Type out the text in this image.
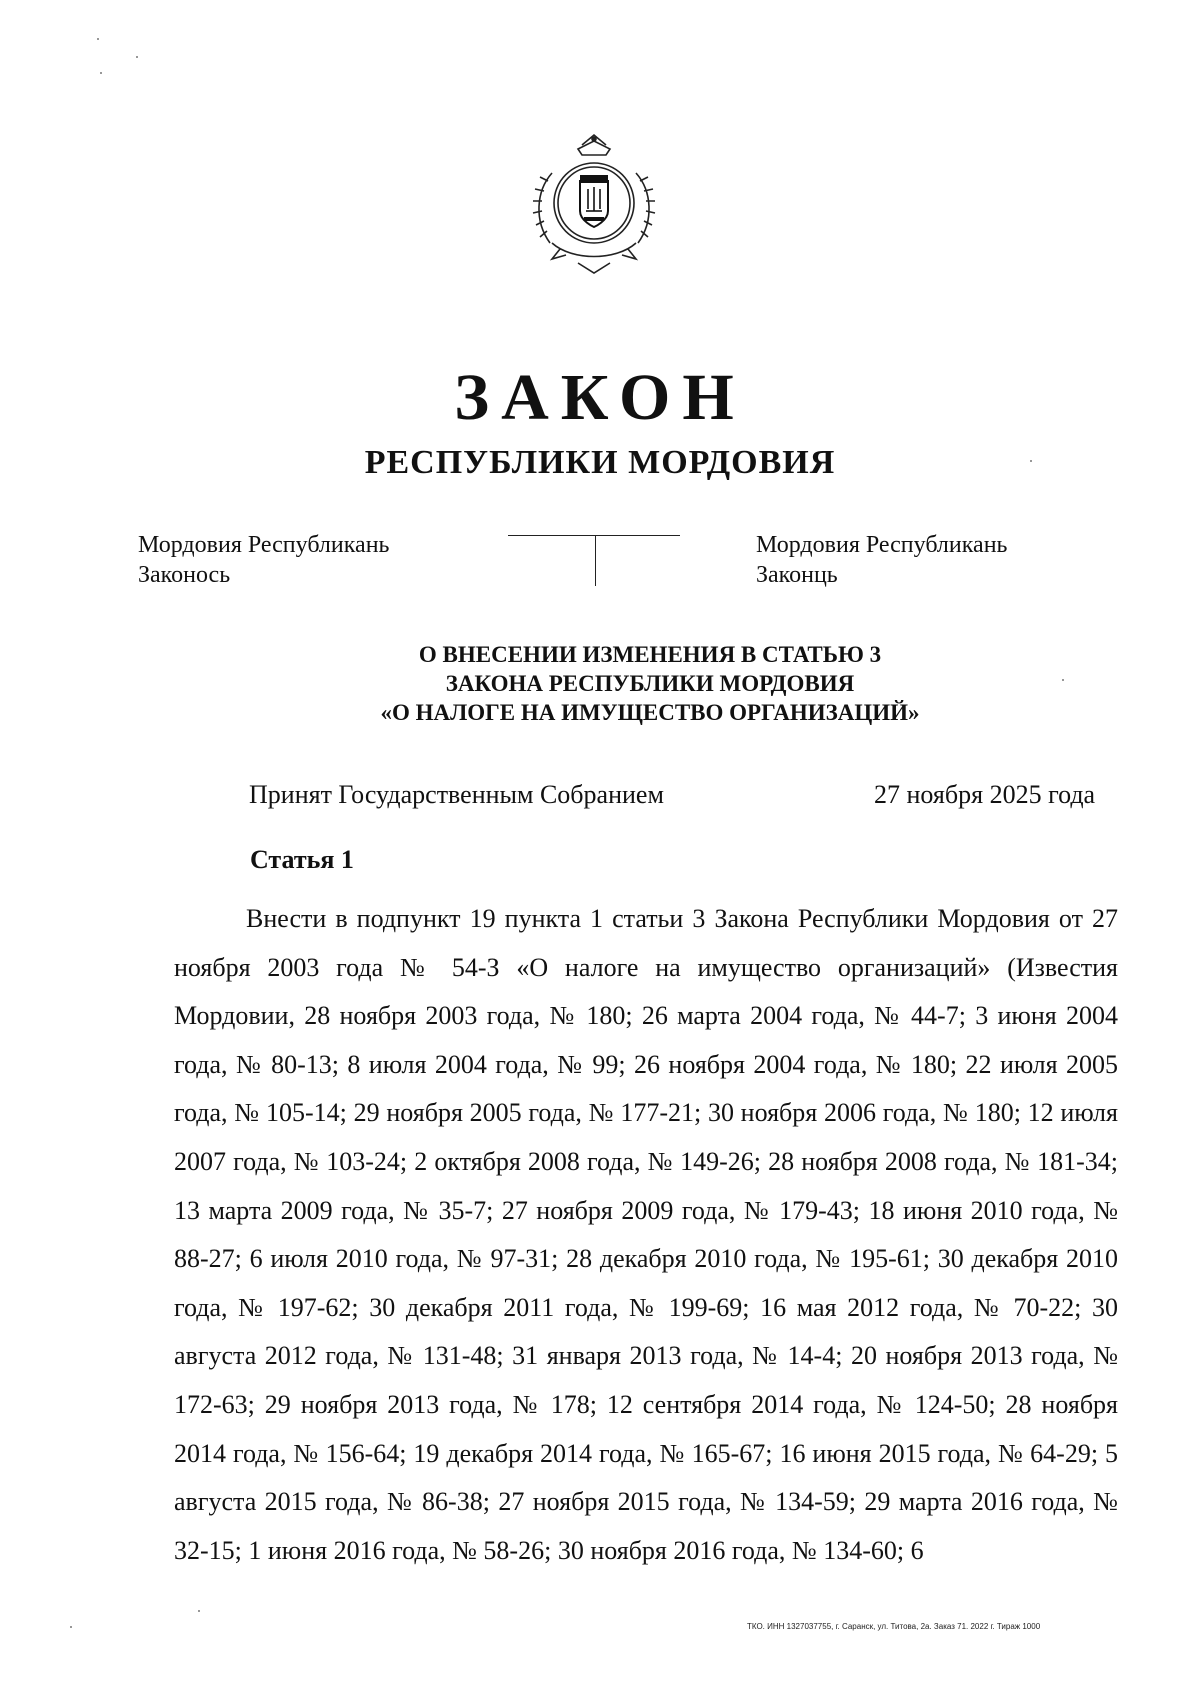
ЗАКОН
РЕСПУБЛИКИ МОРДОВИЯ
Мордовия Республикань
Законось
Мордовия Республикань
Законць
О ВНЕСЕНИИ ИЗМЕНЕНИЯ В СТАТЬЮ 3
ЗАКОНА РЕСПУБЛИКИ МОРДОВИЯ
«О НАЛОГЕ НА ИМУЩЕСТВО ОРГАНИЗАЦИЙ»
Принят Государственным Собранием	27 ноября 2025 года
Статья 1
Внести в подпункт 19 пункта 1 статьи 3 Закона Республики Мордовия от 27 ноября 2003 года № 54-З «О налоге на имущество организаций» (Известия Мордовии, 28 ноября 2003 года, № 180; 26 марта 2004 года, № 44-7; 3 июня 2004 года, № 80-13; 8 июля 2004 года, № 99; 26 ноября 2004 года, № 180; 22 июля 2005 года, № 105-14; 29 ноября 2005 года, № 177-21; 30 ноября 2006 года, № 180; 12 июля 2007 года, № 103-24; 2 октября 2008 года, № 149-26; 28 ноября 2008 года, № 181-34; 13 марта 2009 года, № 35-7; 27 ноября 2009 года, № 179-43; 18 июня 2010 года, № 88-27; 6 июля 2010 года, № 97-31; 28 декабря 2010 года, № 195-61; 30 декабря 2010 года, № 197-62; 30 декабря 2011 года, № 199-69; 16 мая 2012 года, № 70-22; 30 августа 2012 года, № 131-48; 31 января 2013 года, № 14-4; 20 ноября 2013 года, № 172-63; 29 ноября 2013 года, № 178; 12 сентября 2014 года, № 124-50; 28 ноября 2014 года, № 156-64; 19 декабря 2014 года, № 165-67; 16 июня 2015 года, № 64-29; 5 августа 2015 года, № 86-38; 27 ноября 2015 года, № 134-59; 29 марта 2016 года, № 32-15; 1 июня 2016 года, № 58-26; 30 ноября 2016 года, № 134-60; 6
ТКО. ИНН 1327037755, г. Саранск, ул. Титова, 2а. Заказ 71. 2022 г. Тираж 1000
